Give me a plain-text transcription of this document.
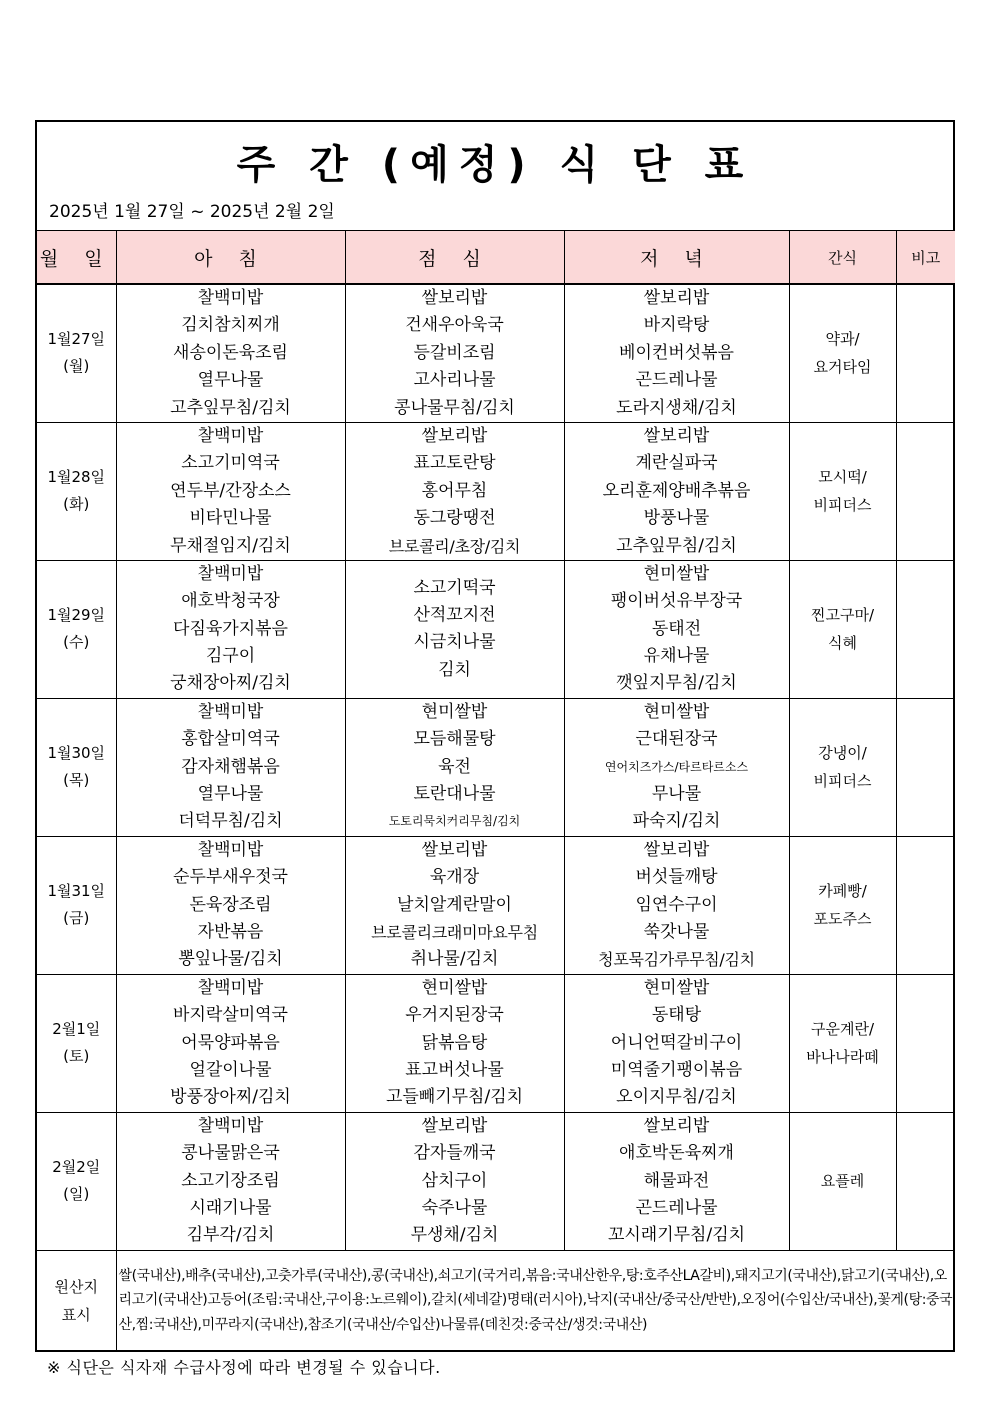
주 간 (예정) 식 단 표
2025년 1월 27일 ~ 2025년 2월 2일
월 일	아 침	점 심	저 녁	간식	비고

1월27일
(월)	찰백미밥
김치참치찌개
새송이돈육조림
열무나물
고추잎무침/김치	쌀보리밥
건새우아욱국
등갈비조림
고사리나물
콩나물무침/김치	쌀보리밥
바지락탕
베이컨버섯볶음
곤드레나물
도라지생채/김치	약과/
요거타임	

1월28일
(화)	찰백미밥
소고기미역국
연두부/간장소스
비타민나물
무채절임지/김치	쌀보리밥
표고토란탕
홍어무침
동그랑땡전
브로콜리/초장/김치	쌀보리밥
계란실파국
오리훈제양배추볶음
방풍나물
고추잎무침/김치	모시떡/
비피더스	

1월29일
(수)	찰백미밥
애호박청국장
다짐육가지볶음
김구이
궁채장아찌/김치	소고기떡국
산적꼬지전
시금치나물
김치	현미쌀밥
팽이버섯유부장국
동태전
유채나물
깻잎지무침/김치	찐고구마/
식혜	

1월30일
(목)	찰백미밥
홍합살미역국
감자채햄볶음
열무나물
더덕무침/김치	현미쌀밥
모듬해물탕
육전
토란대나물
도토리묵치커리무침/김치	현미쌀밥
근대된장국
연어치즈가스/타르타르소스
무나물
파숙지/김치	강냉이/
비피더스	

1월31일
(금)	찰백미밥
순두부새우젓국
돈육장조림
자반볶음
뽕잎나물/김치	쌀보리밥
육개장
날치알계란말이
브로콜리크래미마요무침
취나물/김치	쌀보리밥
버섯들깨탕
임연수구이
쑥갓나물
청포묵김가루무침/김치	카페빵/
포도주스	

2월1일
(토)	찰백미밥
바지락살미역국
어묵양파볶음
얼갈이나물
방풍장아찌/김치	현미쌀밥
우거지된장국
닭볶음탕
표고버섯나물
고들빼기무침/김치	현미쌀밥
동태탕
어니언떡갈비구이
미역줄기팽이볶음
오이지무침/김치	구운계란/
바나나라떼	

2월2일
(일)	찰백미밥
콩나물맑은국
소고기장조림
시래기나물
김부각/김치	쌀보리밥
감자들깨국
삼치구이
숙주나물
무생채/김치	쌀보리밥
애호박돈육찌개
해물파전
곤드레나물
꼬시래기무침/김치	요플레	

원산지
표시	쌀(국내산),배추(국내산),고춧가루(국내산),콩(국내산),쇠고기(국거리,볶음:국내산한우,탕:호주산LA갈비),돼지고기(국내산),닭고기(국내산),오리고기(국내산)고등어(조림:국내산,구이용:노르웨이),갈치(세네갈)명태(러시아),낙지(국내산/중국산/반반),오징어(수입산/국내산),꽃게(탕:중국산,찜:국내산),미꾸라지(국내산),참조기(국내산/수입산)나물류(데친것:중국산/생것:국내산)				
※ 식단은 식자재 수급사정에 따라 변경될 수 있습니다.					
